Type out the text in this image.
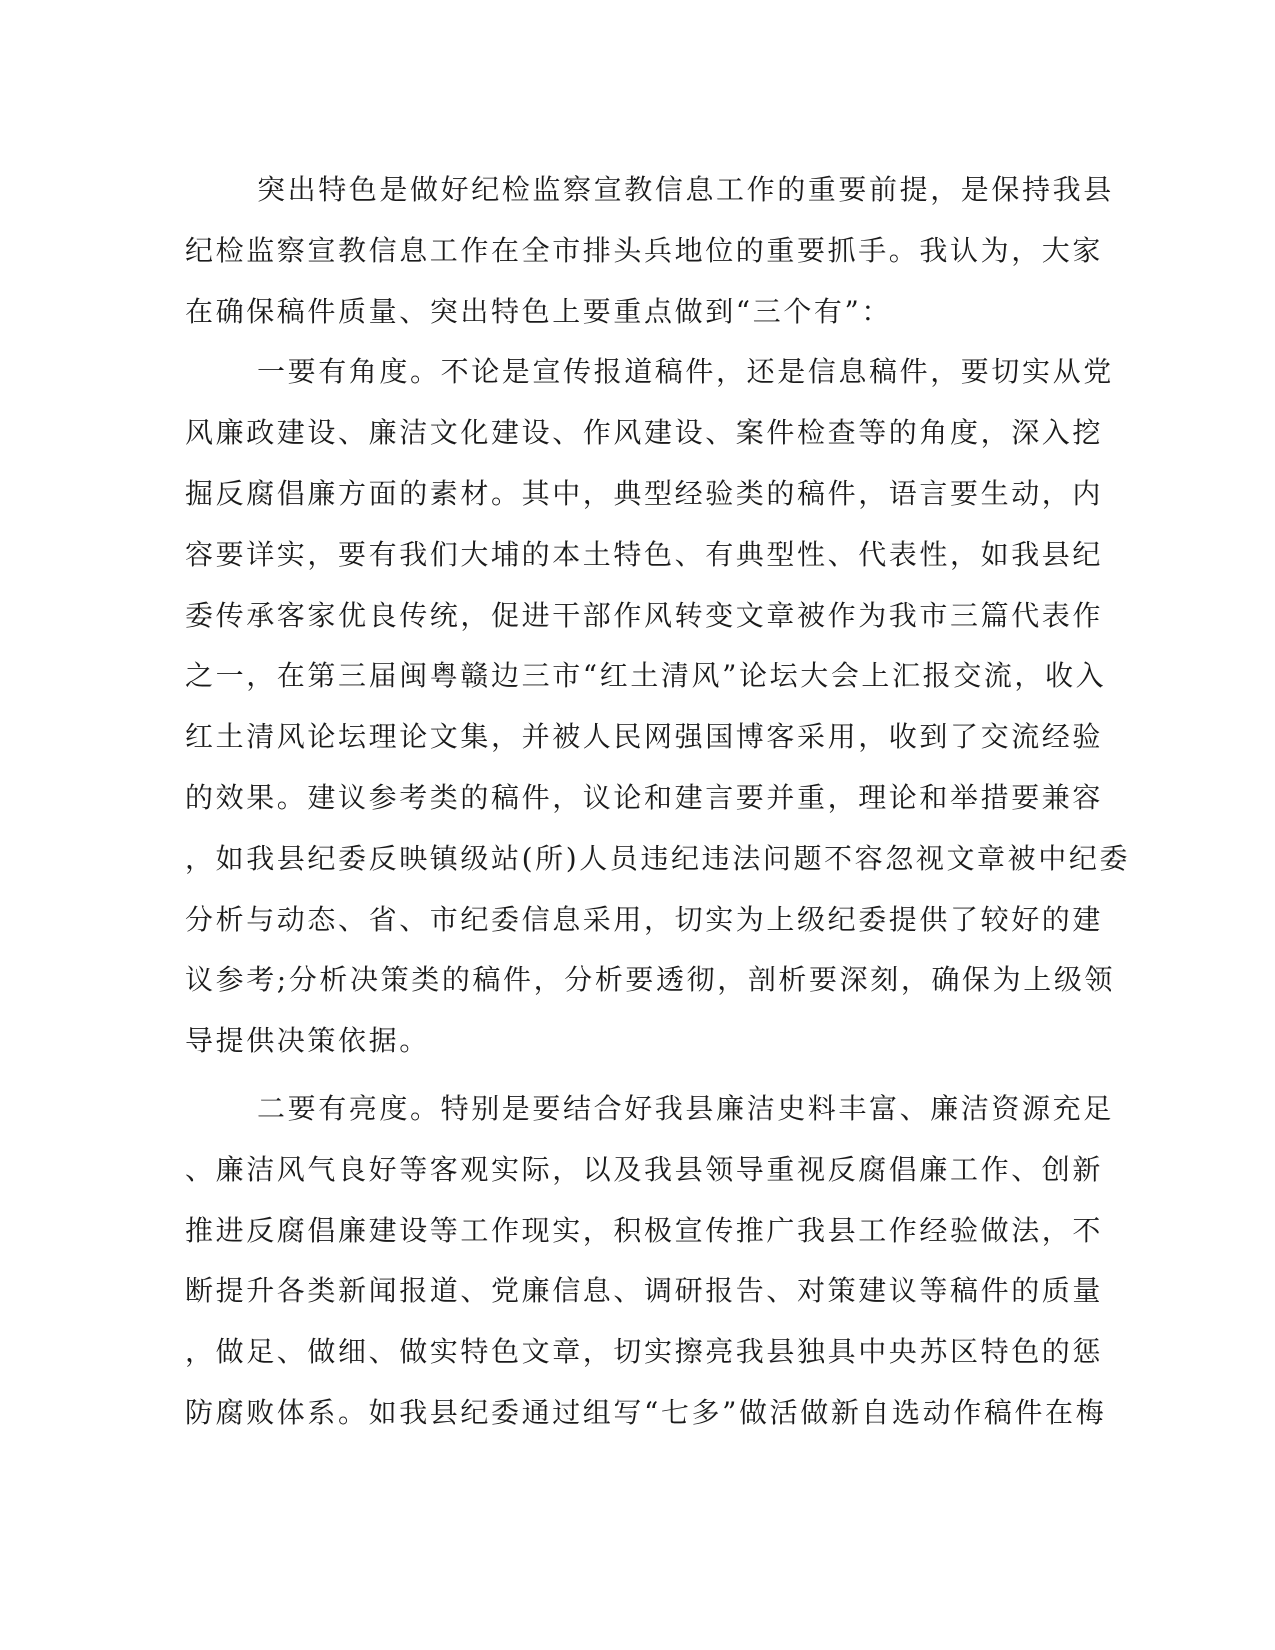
突出特色是做好纪检监察宣教信息工作的重要前提，是保持我县
纪检监察宣教信息工作在全市排头兵地位的重要抓手。我认为，大家
在确保稿件质量、突出特色上要重点做到“三个有”：
一要有角度。不论是宣传报道稿件，还是信息稿件，要切实从党
风廉政建设、廉洁文化建设、作风建设、案件检查等的角度，深入挖
掘反腐倡廉方面的素材。其中，典型经验类的稿件，语言要生动，内
容要详实，要有我们大埔的本土特色、有典型性、代表性，如我县纪
委传承客家优良传统，促进干部作风转变文章被作为我市三篇代表作
之一，在第三届闽粤赣边三市“红土清风”论坛大会上汇报交流，收入
红土清风论坛理论文集，并被人民网强国博客采用，收到了交流经验
的效果。建议参考类的稿件，议论和建言要并重，理论和举措要兼容
，如我县纪委反映镇级站(所)人员违纪违法问题不容忽视文章被中纪委
分析与动态、省、市纪委信息采用，切实为上级纪委提供了较好的建
议参考;分析决策类的稿件，分析要透彻，剖析要深刻，确保为上级领
导提供决策依据。
二要有亮度。特别是要结合好我县廉洁史料丰富、廉洁资源充足
、廉洁风气良好等客观实际，以及我县领导重视反腐倡廉工作、创新
推进反腐倡廉建设等工作现实，积极宣传推广我县工作经验做法，不
断提升各类新闻报道、党廉信息、调研报告、对策建议等稿件的质量
，做足、做细、做实特色文章，切实擦亮我县独具中央苏区特色的惩
防腐败体系。如我县纪委通过组写“七多”做活做新自选动作稿件在梅
